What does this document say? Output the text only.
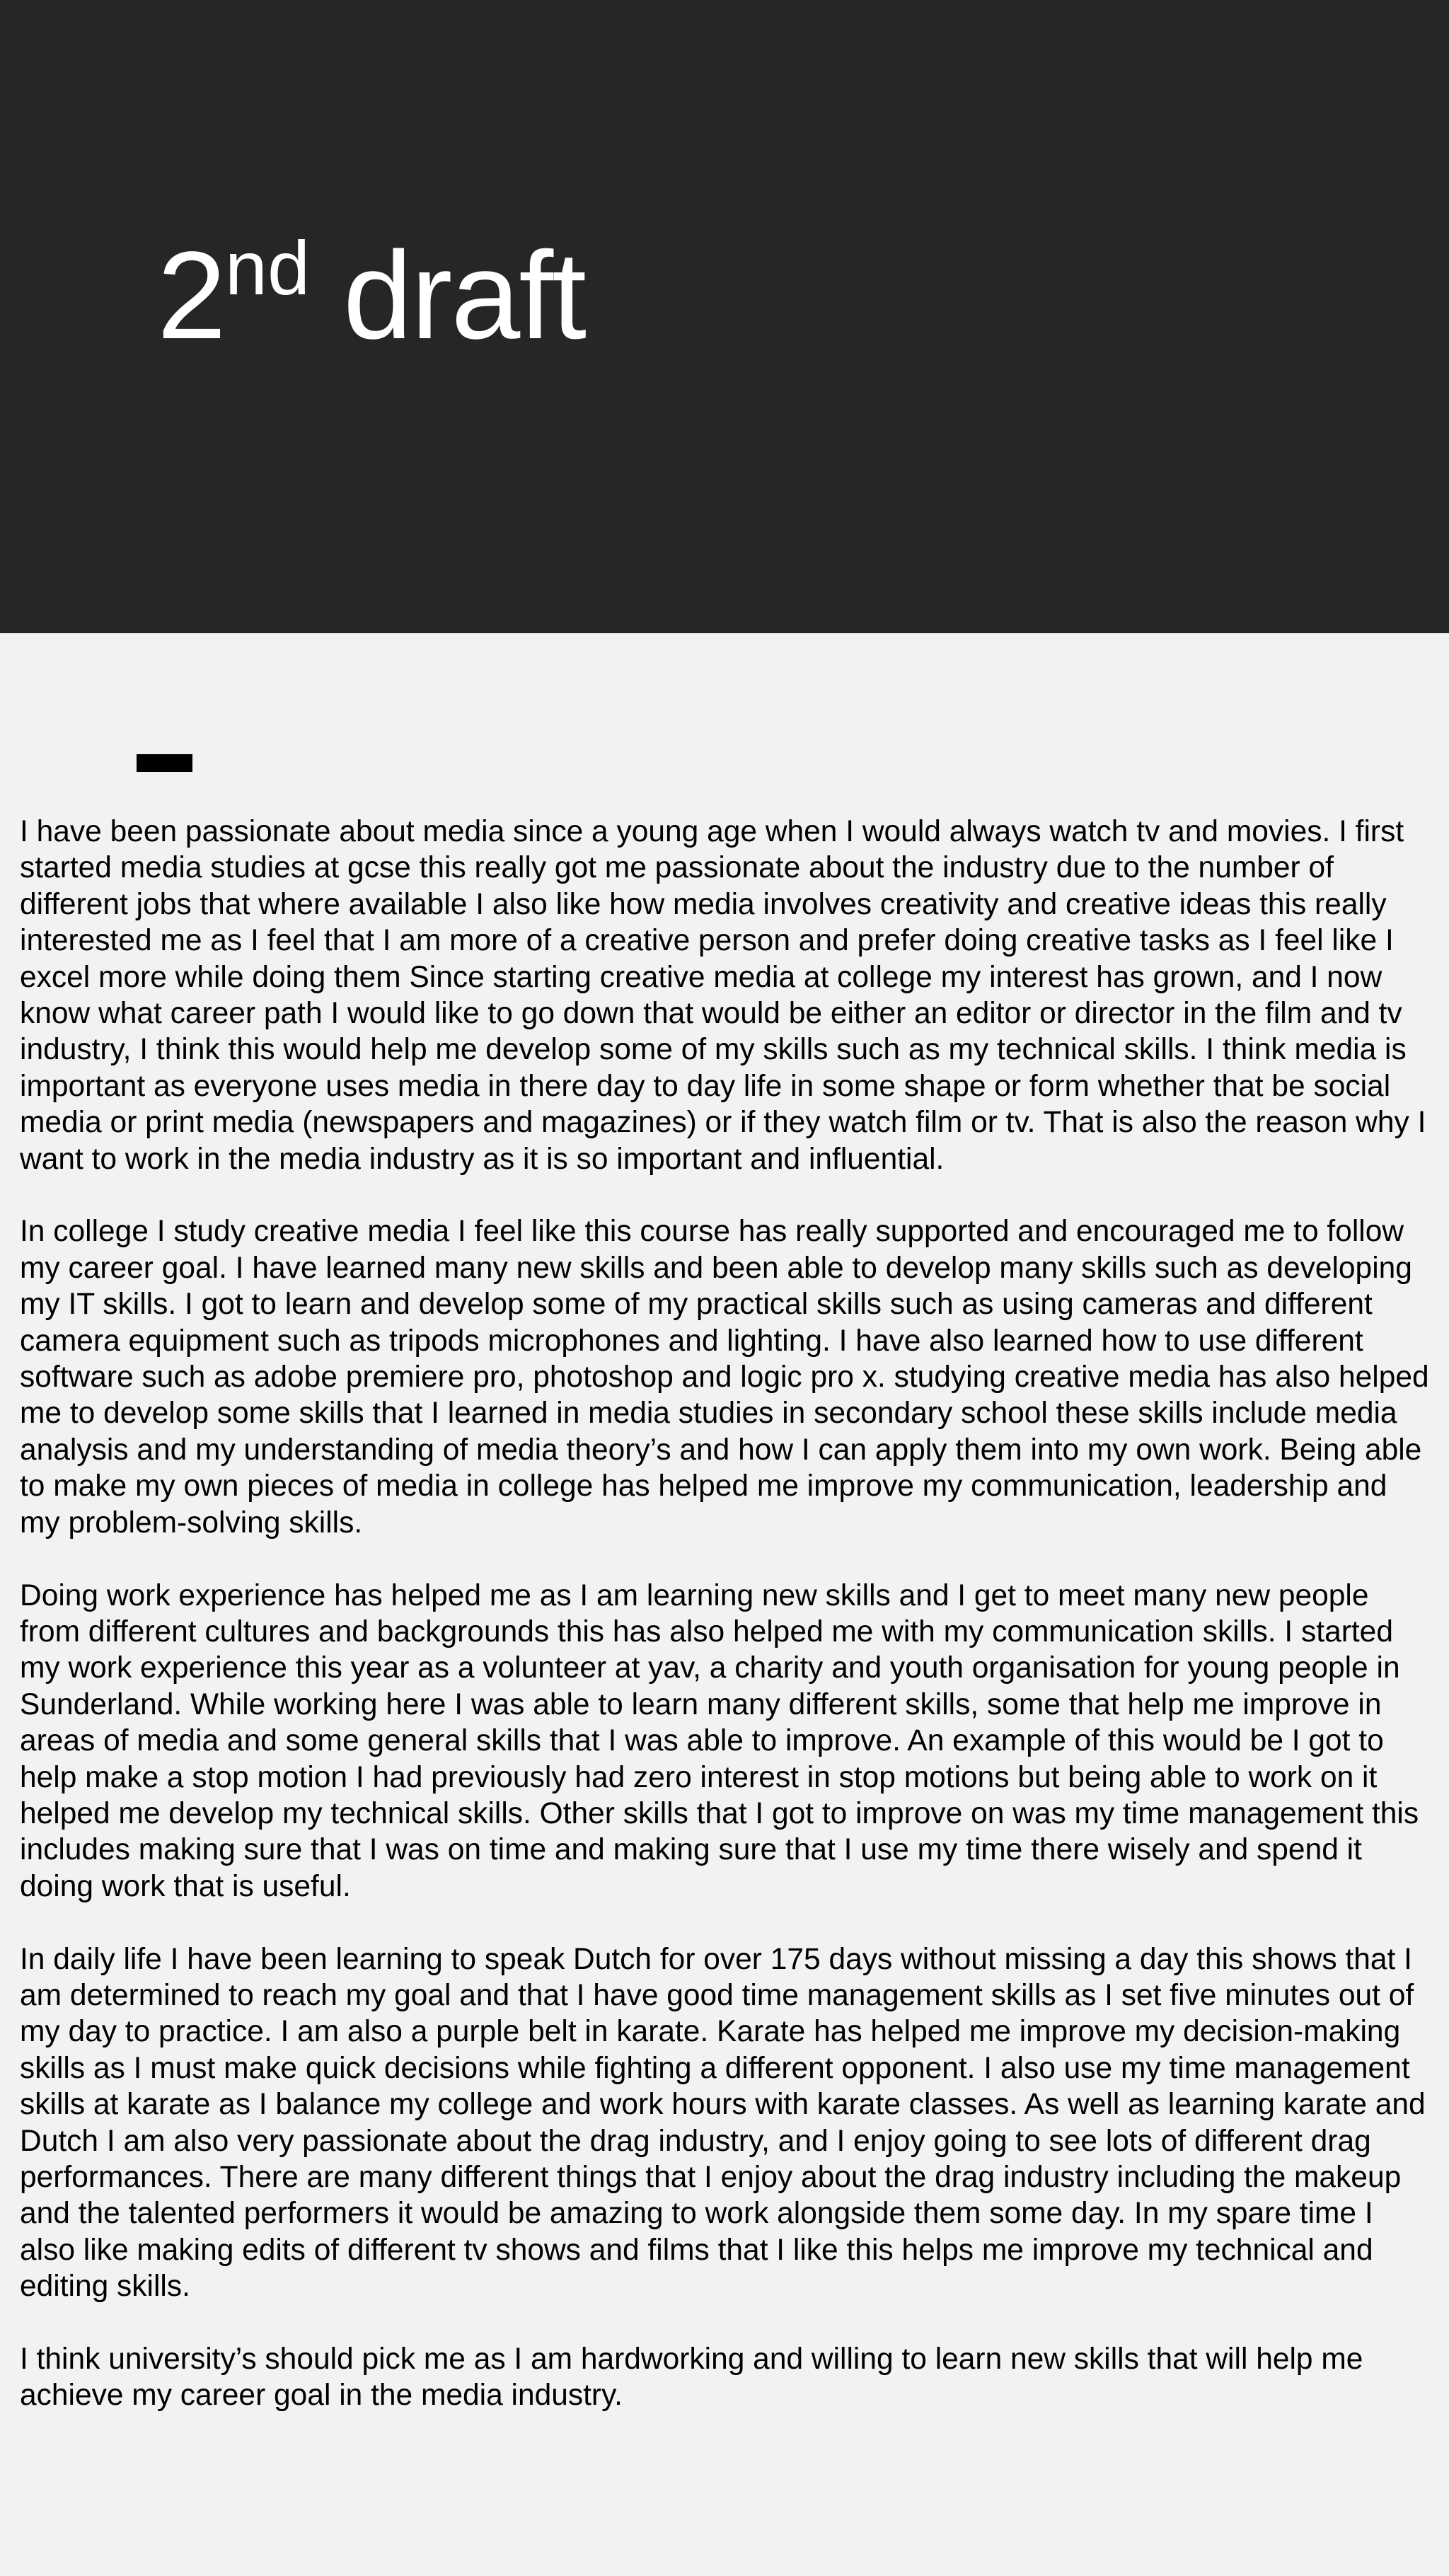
2nd draft

I have been passionate about media since a young age when I would always watch tv and movies. I first started media studies at gcse this really got me passionate about the industry due to the number of different jobs that where available I also like how media involves creativity and creative ideas this really interested me as I feel that I am more of a creative person and prefer doing creative tasks as I feel like I excel more while doing them Since starting creative media at college my interest has grown, and I now know what career path I would like to go down that would be either an editor or director in the film and tv industry, I think this would help me develop some of my skills such as my technical skills. I think media is important as everyone uses media in there day to day life in some shape or form whether that be social media or print media (newspapers and magazines) or if they watch film or tv. That is also the reason why I want to work in the media industry as it is so important and influential.

In college I study creative media I feel like this course has really supported and encouraged me to follow my career goal. I have learned many new skills and been able to develop many skills such as developing my IT skills. I got to learn and develop some of my practical skills such as using cameras and different camera equipment such as tripods microphones and lighting. I have also learned how to use different software such as adobe premiere pro, photoshop and logic pro x. studying creative media has also helped me to develop some skills that I learned in media studies in secondary school these skills include media analysis and my understanding of media theory’s and how I can apply them into my own work. Being able to make my own pieces of media in college has helped me improve my communication, leadership and my problem-solving skills.

Doing work experience has helped me as I am learning new skills and I get to meet many new people from different cultures and backgrounds this has also helped me with my communication skills. I started my work experience this year as a volunteer at yav, a charity and youth organisation for young people in Sunderland. While working here I was able to learn many different skills, some that help me improve in areas of media and some general skills that I was able to improve. An example of this would be I got to help make a stop motion I had previously had zero interest in stop motions but being able to work on it helped me develop my technical skills. Other skills that I got to improve on was my time management this includes making sure that I was on time and making sure that I use my time there wisely and spend it doing work that is useful.

In daily life I have been learning to speak Dutch for over 175 days without missing a day this shows that I am determined to reach my goal and that I have good time management skills as I set five minutes out of my day to practice. I am also a purple belt in karate. Karate has helped me improve my decision-making skills as I must make quick decisions while fighting a different opponent. I also use my time management skills at karate as I balance my college and work hours with karate classes. As well as learning karate and Dutch I am also very passionate about the drag industry, and I enjoy going to see lots of different drag performances. There are many different things that I enjoy about the drag industry including the makeup and the talented performers it would be amazing to work alongside them some day. In my spare time I also like making edits of different tv shows and films that I like this helps me improve my technical and editing skills.

I think university’s should pick me as I am hardworking and willing to learn new skills that will help me achieve my career goal in the media industry.
